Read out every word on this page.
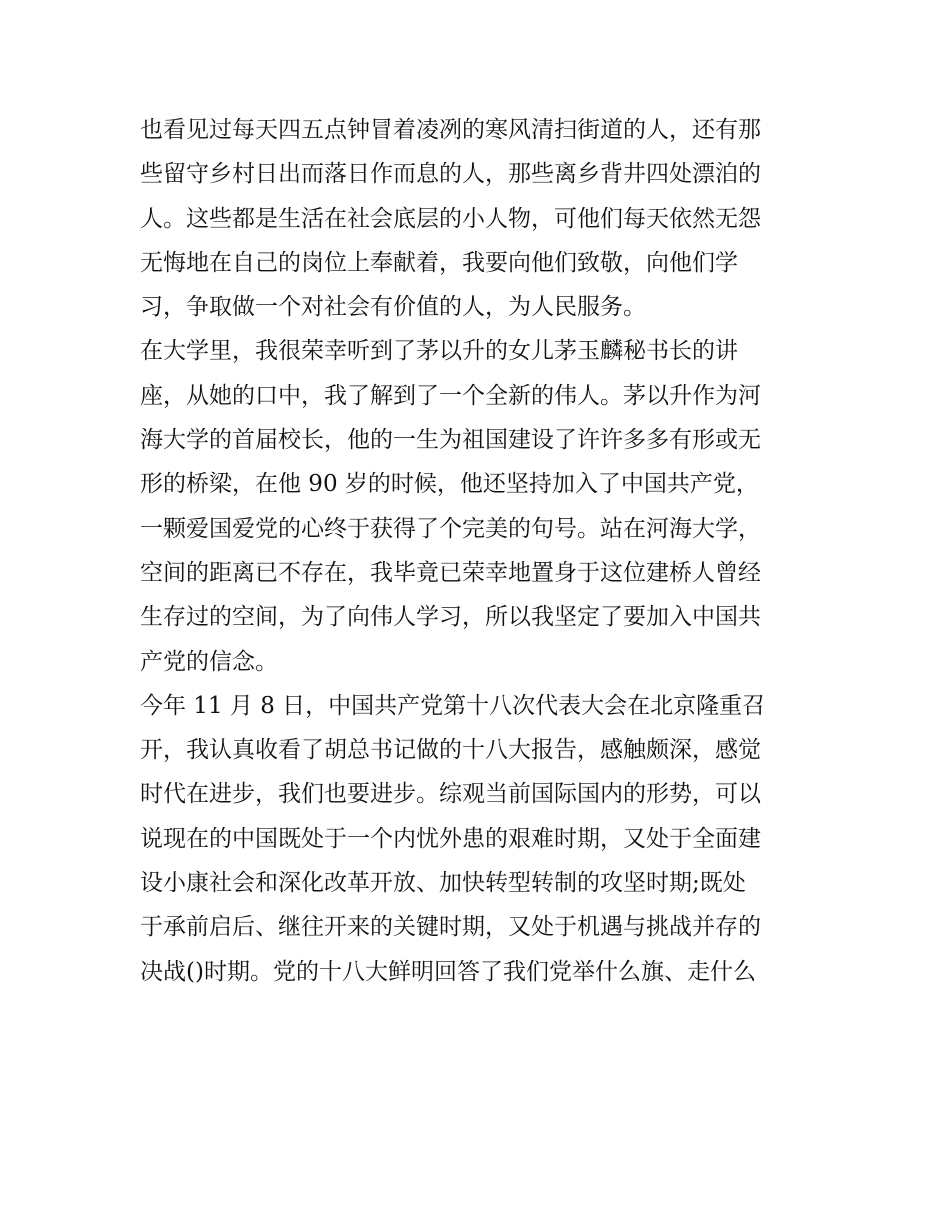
也看见过每天四五点钟冒着凌冽的寒风清扫街道的人，还有那
些留守乡村日出而落日作而息的人，那些离乡背井四处漂泊的
人。这些都是生活在社会底层的小人物，可他们每天依然无怨
无悔地在自己的岗位上奉献着，我要向他们致敬，向他们学
习，争取做一个对社会有价值的人，为人民服务。
在大学里，我很荣幸听到了茅以升的女儿茅玉麟秘书长的讲
座，从她的口中，我了解到了一个全新的伟人。茅以升作为河
海大学的首届校长，他的一生为祖国建设了许许多多有形或无
形的桥梁，在他 90 岁的时候，他还坚持加入了中国共产党，
一颗爱国爱党的心终于获得了个完美的句号。站在河海大学，
空间的距离已不存在，我毕竟已荣幸地置身于这位建桥人曾经
生存过的空间，为了向伟人学习，所以我坚定了要加入中国共
产党的信念。
今年 11 月 8 日，中国共产党第十八次代表大会在北京隆重召
开，我认真收看了胡总书记做的十八大报告，感触颇深，感觉
时代在进步，我们也要进步。综观当前国际国内的形势，可以
说现在的中国既处于一个内忧外患的艰难时期，又处于全面建
设小康社会和深化改革开放、加快转型转制的攻坚时期;既处
于承前启后、继往开来的关键时期，又处于机遇与挑战并存的
决战()时期。党的十八大鲜明回答了我们党举什么旗、走什么
